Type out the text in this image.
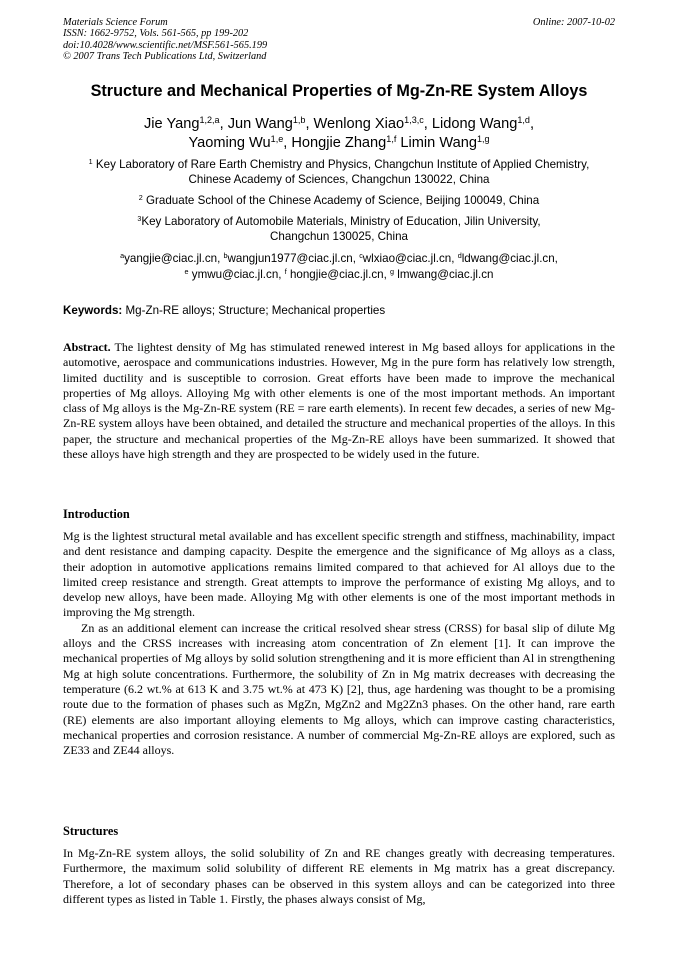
Materials Science Forum
ISSN: 1662-9752, Vols. 561-565, pp 199-202
doi:10.4028/www.scientific.net/MSF.561-565.199
© 2007 Trans Tech Publications Ltd, Switzerland
Online: 2007-10-02
Structure and Mechanical Properties of Mg-Zn-RE System Alloys
Jie Yang$^{1,2,a}$, Jun Wang$^{1,b}$, Wenlong Xiao$^{1,3,c}$, Lidong Wang$^{1,d}$,
Yaoming Wu$^{1,e}$, Hongjie Zhang$^{1,f}$ Limin Wang$^{1,g}$
$^1$ Key Laboratory of Rare Earth Chemistry and Physics, Changchun Institute of Applied Chemistry,
Chinese Academy of Sciences, Changchun 130022, China
$^2$ Graduate School of the Chinese Academy of Science, Beijing 100049, China
$^3$Key Laboratory of Automobile Materials, Ministry of Education, Jilin University,
Changchun 130025, China
$^a$yangjie@ciac.jl.cn, $^b$wangjun1977@ciac.jl.cn, $^c$wlxiao@ciac.jl.cn, $^d$ldwang@ciac.jl.cn,
$^e$ ymwu@ciac.jl.cn, $^f$ hongjie@ciac.jl.cn, $^g$ lmwang@ciac.jl.cn
Keywords: Mg-Zn-RE alloys; Structure; Mechanical properties

Abstract. The lightest density of Mg has stimulated renewed interest in Mg based alloys for applications in the automotive, aerospace and communications industries. However, Mg in the pure form has relatively low strength, limited ductility and is susceptible to corrosion. Great efforts have been made to improve the mechanical properties of Mg alloys. Alloying Mg with other elements is one of the most important methods. An important class of Mg alloys is the Mg-Zn-RE system (RE = rare earth elements). In recent few decades, a series of new Mg-Zn-RE system alloys have been obtained, and detailed the structure and mechanical properties of the alloys. In this paper, the structure and mechanical properties of the Mg-Zn-RE alloys have been summarized. It showed that these alloys have high strength and they are prospected to be widely used in the future.

Introduction

Mg is the lightest structural metal available and has excellent specific strength and stiffness, machinability, impact and dent resistance and damping capacity. Despite the emergence and the significance of Mg alloys as a class, their adoption in automotive applications remains limited compared to that achieved for Al alloys due to the limited creep resistance and strength. Great attempts to improve the performance of existing Mg alloys, and to develop new alloys, have been made. Alloying Mg with other elements is one of the most important methods in improving the Mg strength.

Zn as an additional element can increase the critical resolved shear stress (CRSS) for basal slip of dilute Mg alloys and the CRSS increases with increasing atom concentration of Zn element [1]. It can improve the mechanical properties of Mg alloys by solid solution strengthening and it is more efficient than Al in strengthening Mg at high solute concentrations. Furthermore, the solubility of Zn in Mg matrix decreases with decreasing the temperature (6.2 wt.% at 613 K and 3.75 wt.% at 473 K) [2], thus, age hardening was thought to be a promising route due to the formation of phases such as MgZn, MgZn2 and Mg2Zn3 phases. On the other hand, rare earth (RE) elements are also important alloying elements to Mg alloys, which can improve casting characteristics, mechanical properties and corrosion resistance. A number of commercial Mg-Zn-RE alloys are explored, such as ZE33 and ZE44 alloys.

Structures

In Mg-Zn-RE system alloys, the solid solubility of Zn and RE changes greatly with decreasing temperatures. Furthermore, the maximum solid solubility of different RE elements in Mg matrix has a great discrepancy. Therefore, a lot of secondary phases can be observed in this system alloys and can be categorized into three different types as listed in Table 1. Firstly, the phases always consist of Mg,
